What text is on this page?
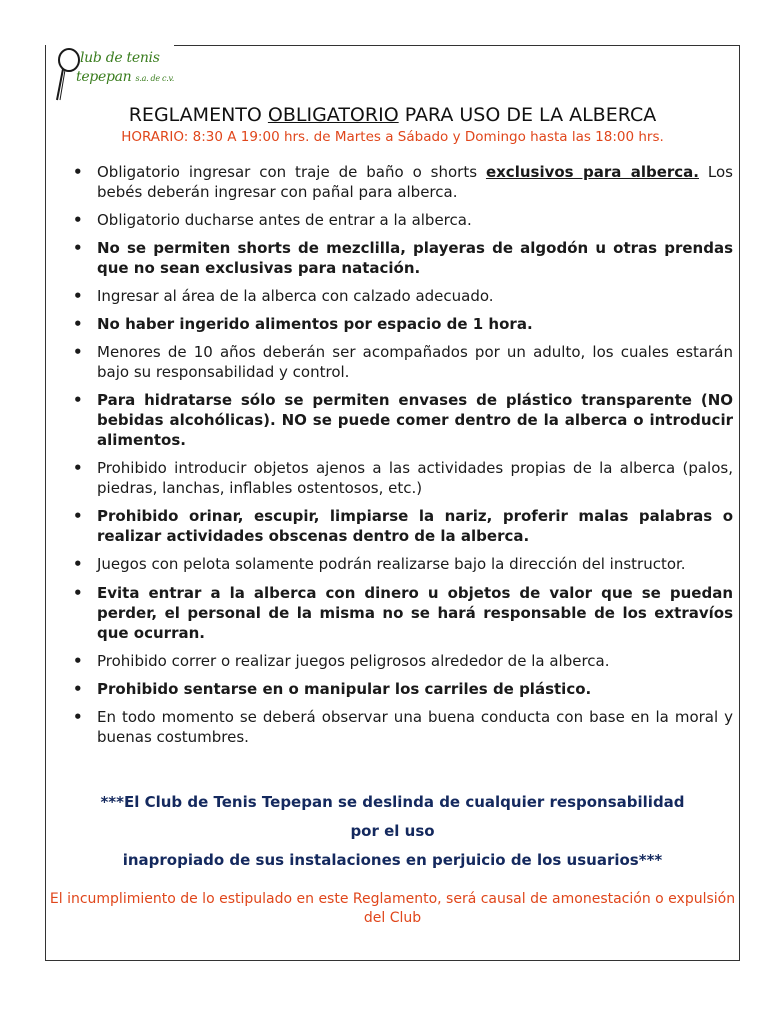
lub de tenis
tepepan s.a. de c.v.
REGLAMENTO OBLIGATORIO PARA USO DE LA ALBERCA
HORARIO: 8:30 A 19:00 hrs. de Martes a Sábado y Domingo hasta las 18:00 hrs.
• Obligatorio ingresar con traje de baño o shorts exclusivos para alberca. Los bebés deberán ingresar con pañal para alberca.
• Obligatorio ducharse antes de entrar a la alberca.
• No se permiten shorts de mezclilla, playeras de algodón u otras prendas que no sean exclusivas para natación.
• Ingresar al área de la alberca con calzado adecuado.
• No haber ingerido alimentos por espacio de 1 hora.
• Menores de 10 años deberán ser acompañados por un adulto, los cuales estarán bajo su responsabilidad y control.
• Para hidratarse sólo se permiten envases de plástico transparente (NO bebidas alcohólicas). NO se puede comer dentro de la alberca o introducir alimentos.
• Prohibido introducir objetos ajenos a las actividades propias de la alberca (palos, piedras, lanchas, inflables ostentosos, etc.)
• Prohibido orinar, escupir, limpiarse la nariz, proferir malas palabras o realizar actividades obscenas dentro de la alberca.
• Juegos con pelota solamente podrán realizarse bajo la dirección del instructor.
• Evita entrar a la alberca con dinero u objetos de valor que se puedan perder, el personal de la misma no se hará responsable de los extravíos que ocurran.
• Prohibido correr o realizar juegos peligrosos alrededor de la alberca.
• Prohibido sentarse en o manipular los carriles de plástico.
• En todo momento se deberá observar una buena conducta con base en la moral y buenas costumbres.
***El Club de Tenis Tepepan se deslinda de cualquier responsabilidad
por el uso
inapropiado de sus instalaciones en perjuicio de los usuarios***
El incumplimiento de lo estipulado en este Reglamento, será causal de amonestación o expulsión del Club
